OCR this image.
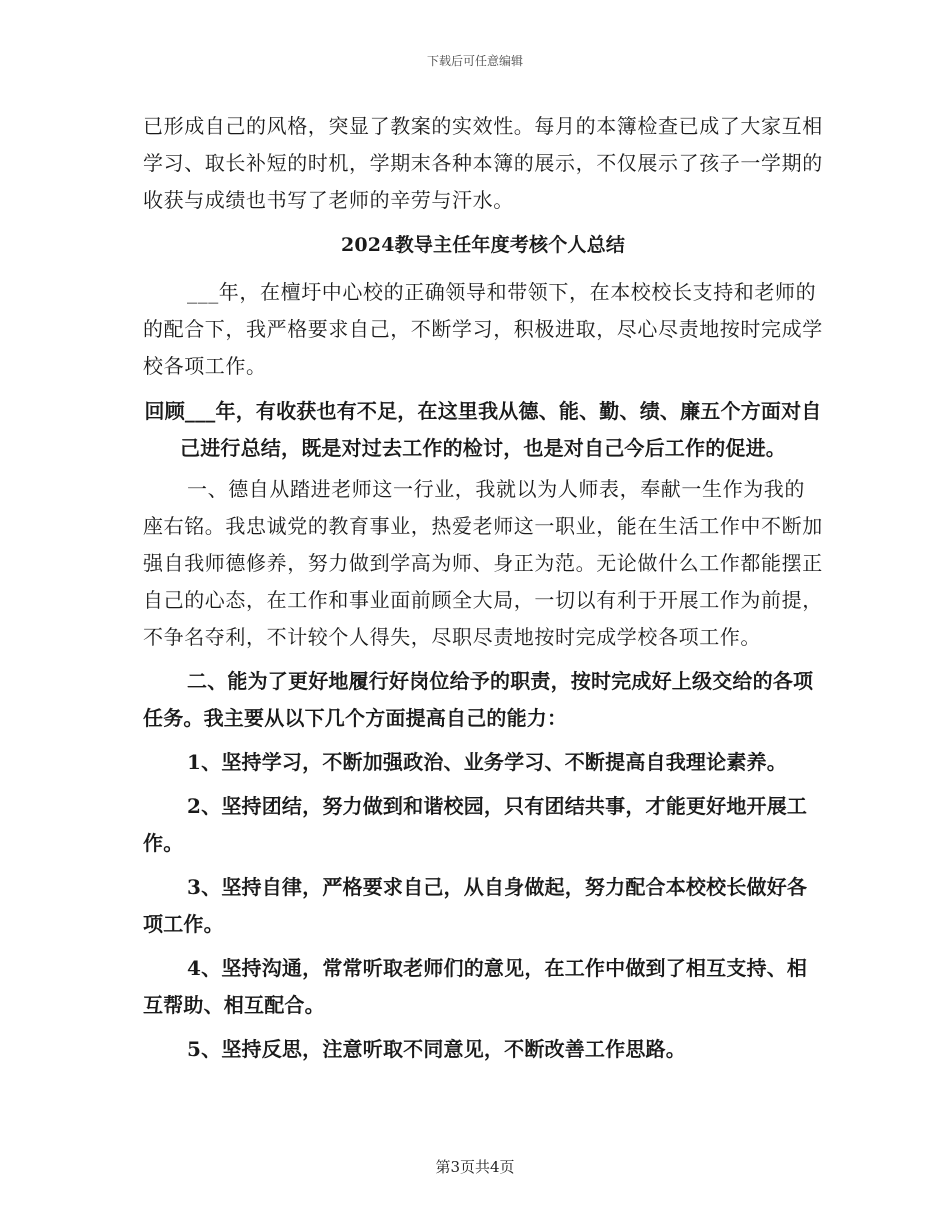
下载后可任意编辑

已形成自己的风格，突显了教案的实效性。每月的本簿检查已成了大家互相学习、取长补短的时机，学期末各种本簿的展示，不仅展示了孩子一学期的收获与成绩也书写了老师的辛劳与汗水。

2024教导主任年度考核个人总结

___年，在檀圩中心校的正确领导和带领下，在本校校长支持和老师的的配合下，我严格要求自己，不断学习，积极进取，尽心尽责地按时完成学校各项工作。

回顾___年，有收获也有不足，在这里我从德、能、勤、绩、廉五个方面对自己进行总结，既是对过去工作的检讨，也是对自己今后工作的促进。

一、德自从踏进老师这一行业，我就以为人师表，奉献一生作为我的座右铭。我忠诚党的教育事业，热爱老师这一职业，能在生活工作中不断加强自我师德修养，努力做到学高为师、身正为范。无论做什么工作都能摆正自己的心态，在工作和事业面前顾全大局，一切以有利于开展工作为前提，不争名夺利，不计较个人得失，尽职尽责地按时完成学校各项工作。

二、能为了更好地履行好岗位给予的职责，按时完成好上级交给的各项任务。我主要从以下几个方面提高自己的能力：

1、坚持学习，不断加强政治、业务学习、不断提高自我理论素养。

2、坚持团结，努力做到和谐校园，只有团结共事，才能更好地开展工作。

3、坚持自律，严格要求自己，从自身做起，努力配合本校校长做好各项工作。

4、坚持沟通，常常听取老师们的意见，在工作中做到了相互支持、相互帮助、相互配合。

5、坚持反思，注意听取不同意见，不断改善工作思路。

第3页共4页
